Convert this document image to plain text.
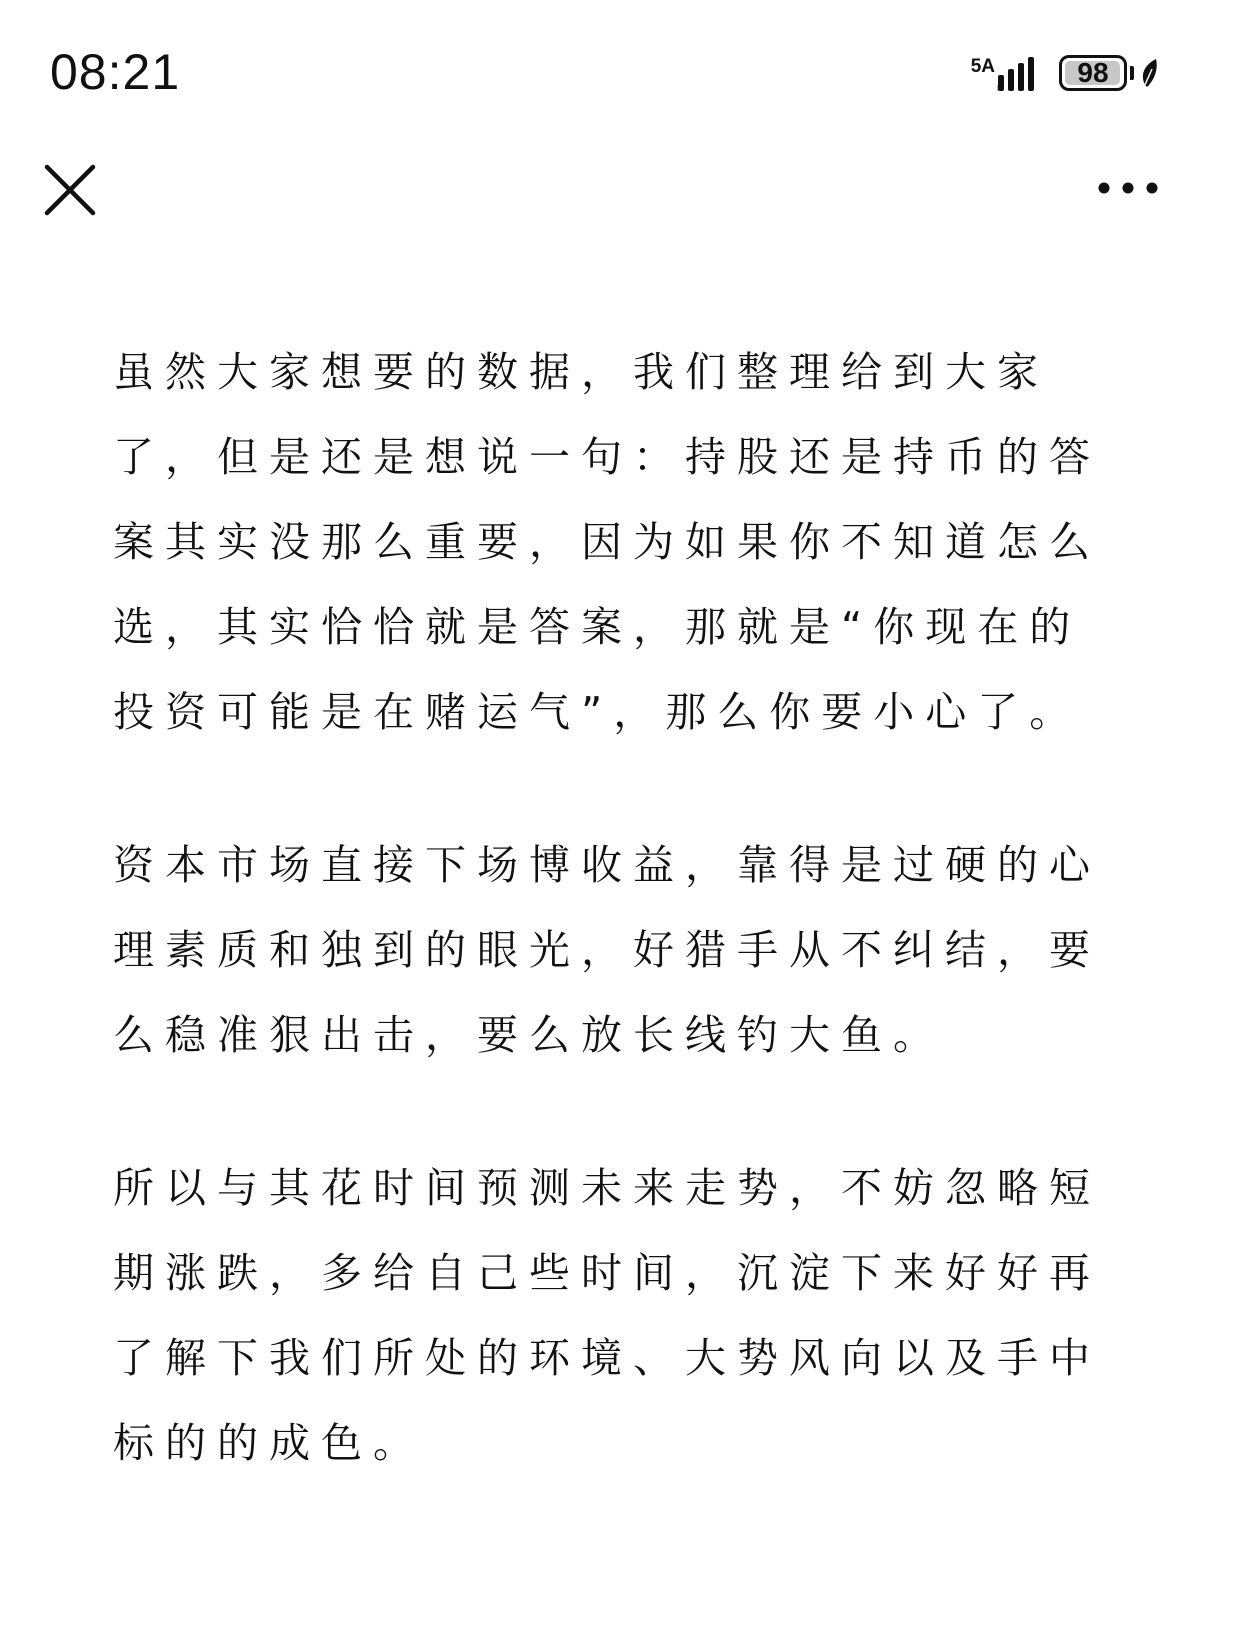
08:21	5A	98

虽然大家想要的数据，我们整理给到大家了，但是还是想说一句：持股还是持币的答案其实没那么重要，因为如果你不知道怎么选，其实恰恰就是答案，那就是“你现在的投资可能是在赌运气”，那么你要小心了。

资本市场直接下场博收益，靠得是过硬的心理素质和独到的眼光，好猎手从不纠结，要么稳准狠出击，要么放长线钓大鱼。

所以与其花时间预测未来走势，不妨忽略短期涨跌，多给自己些时间，沉淀下来好好再了解下我们所处的环境、大势风向以及手中标的的成色。
